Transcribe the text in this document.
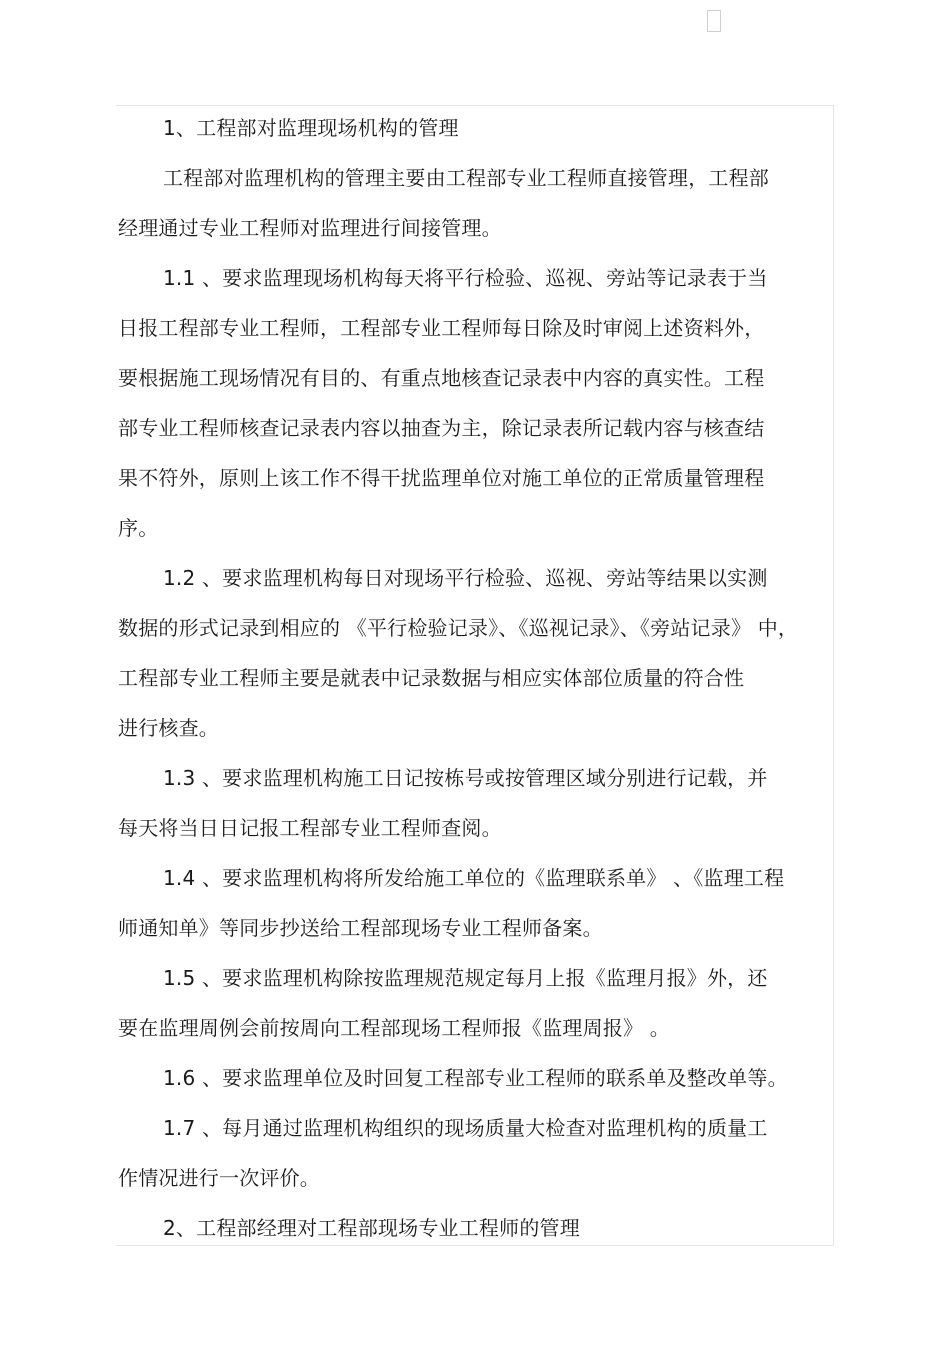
1、工程部对监理现场机构的管理
工程部对监理机构的管理主要由工程部专业工程师直接管理，工程部
经理通过专业工程师对监理进行间接管理。
1.1 、要求监理现场机构每天将平行检验、巡视、旁站等记录表于当
日报工程部专业工程师，工程部专业工程师每日除及时审阅上述资料外，
要根据施工现场情况有目的、有重点地核查记录表中内容的真实性。工程
部专业工程师核查记录表内容以抽查为主，除记录表所记载内容与核查结
果不符外，原则上该工作不得干扰监理单位对施工单位的正常质量管理程
序。
1.2 、要求监理机构每日对现场平行检验、巡视、旁站等结果以实测
数据的形式记录到相应的 《平行检验记录》、《巡视记录》、《旁站记录》 中，
工程部专业工程师主要是就表中记录数据与相应实体部位质量的符合性
进行核查。
1.3 、要求监理机构施工日记按栋号或按管理区域分别进行记载，并
每天将当日日记报工程部专业工程师查阅。
1.4 、要求监理机构将所发给施工单位的《监理联系单》 、《监理工程
师通知单》等同步抄送给工程部现场专业工程师备案。
1.5 、要求监理机构除按监理规范规定每月上报《监理月报》外，还
要在监理周例会前按周向工程部现场工程师报《监理周报》 。
1.6 、要求监理单位及时回复工程部专业工程师的联系单及整改单等。
1.7 、每月通过监理机构组织的现场质量大检查对监理机构的质量工
作情况进行一次评价。
2、工程部经理对工程部现场专业工程师的管理
